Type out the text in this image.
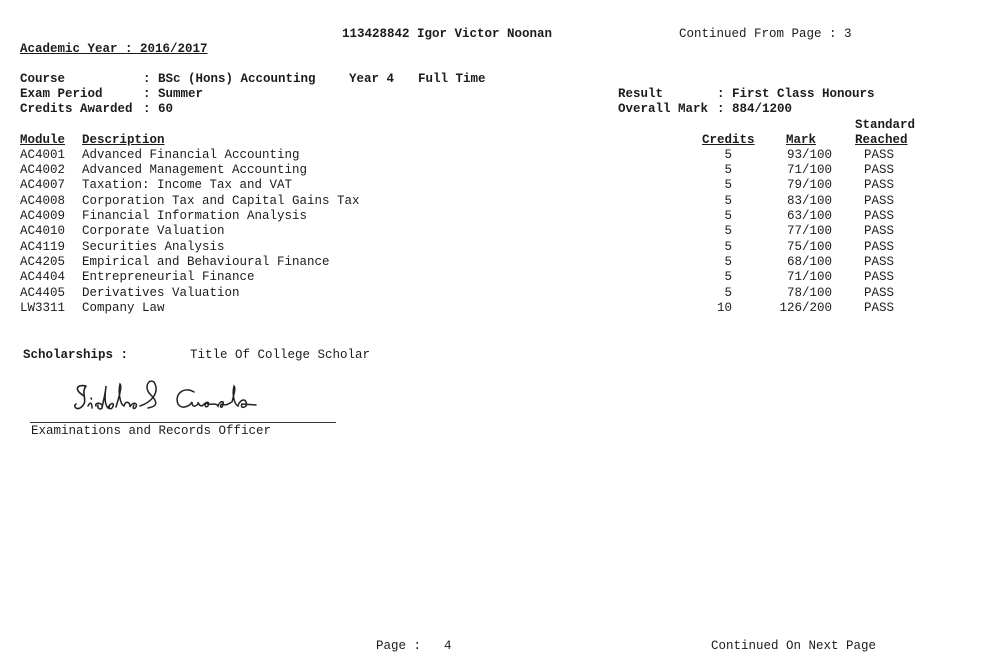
113428842 Igor Victor Noonan	Continued From Page : 3
Academic Year : 2016/2017
Course	: BSc (Hons) Accounting	Year 4 Full Time
Exam Period	: Summer	Result	: First Class Honours
Credits Awarded : 60	Overall Mark : 884/1200
Standard
Module Description	Credits	Mark	Reached
AC4001 Advanced Financial Accounting	5	93/100	PASS
AC4002 Advanced Management Accounting	5	71/100	PASS
AC4007 Taxation: Income Tax and VAT	5	79/100	PASS
AC4008 Corporation Tax and Capital Gains Tax	5	83/100	PASS
AC4009 Financial Information Analysis	5	63/100	PASS
AC4010 Corporate Valuation	5	77/100	PASS
AC4119 Securities Analysis	5	75/100	PASS
AC4205 Empirical and Behavioural Finance	5	68/100	PASS
AC4404 Entrepreneurial Finance	5	71/100	PASS
AC4405 Derivatives Valuation	5	78/100	PASS
LW3311 Company Law	10	126/200	PASS
Scholarships :	Title Of College Scholar
Examinations and Records Officer
Page : 4	Continued On Next Page
